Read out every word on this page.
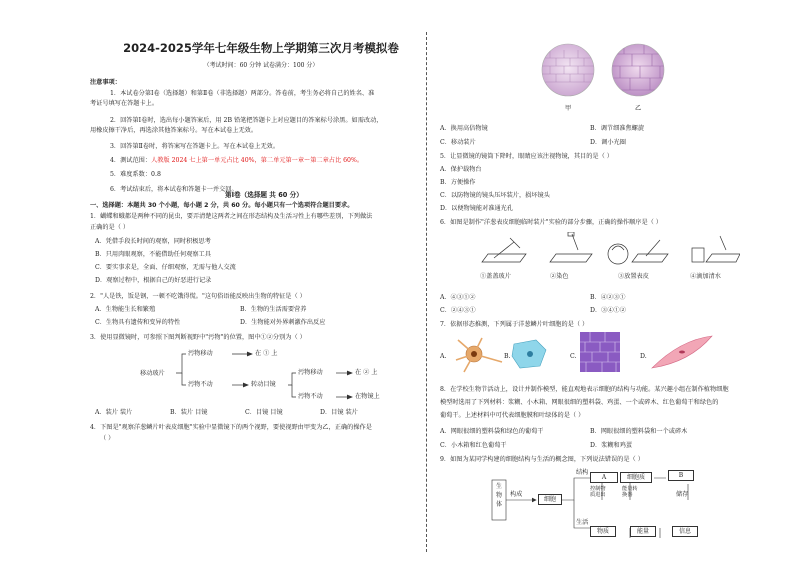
2024-2025学年七年级生物上学期第三次月考模拟卷
（考试时间：60 分钟 试卷满分：100 分）
注意事项：
1．本试卷分第Ⅰ卷（选择题）和第Ⅱ卷（非选择题）两部分。答卷前，考生务必将自己的姓名、准
考证号填写在答题卡上。
2．回答第Ⅰ卷时，选出每小题答案后，用 2B 铅笔把答题卡上对应题目的答案标号涂黑。如需改动，
用橡皮擦干净后，再选涂其他答案标号。写在本试卷上无效。
3．回答第Ⅱ卷时，将答案写在答题卡上。写在本试卷上无效。
4．测试范围：人教版 2024 七上第一单元占比 40%，第二单元第一章～第二章占比 60%。
5．难度系数：0.8
6．考试结束后，将本试卷和答题卡一并交回。
第Ⅰ卷（选择题 共 60 分）
一、选择题：本题共 30 个小题，每小题 2 分，共 60 分。每小题只有一个选项符合题目要求。
1．蝴蝶和蛾都是两种不同的昆虫，要弄清楚这两者之间在形态结构及生活习性上有哪些差别，下列做法
正确的是（ ）
A．凭借手段长时间的观察，同时积极思考
B．只用肉眼观察，不能借助任何观察工具
C．要实事求是，全面、仔细观察，无需与他人交流
D．观察过程中，根据自己的好恶进行记录
2．"人是铁，饭是钢，一顿不吃饿得慌。"这句俗语能反映出生物的特征是（ ）
A．生物能生长和繁殖	B．生物的生活需要营养
C．生物具有遗传和变异的特性	D．生物能对外界刺激作出反应
3．使用显微镜时，可参照下图判断视野中"污物"的位置，图中①②分别为（ ）
移动玻片
污物移动	在 ① 上
污物不动	转动目镜
污物移动	在 ② 上
污物不动	在物镜上
A．装片 装片	B．装片 目镜	C．目镜 目镜	D．目镜 装片
4．下图是"观察洋葱鳞片叶表皮细胞"实验中显微镜下的两个视野，要使视野由甲变为乙，正确的操作是
（ ）
甲	乙
A．换用高倍物镜	B．调节细准焦螺旋
C．移动装片	D．调小光圈
5．让显微镜的镜筒下降时，眼睛应该注视物镜，其目的是（ ）
A．保护载物台
B．方便操作
C．以防物镜的镜头压坏装片，损坏镜头
D．以便物镜能对准通光孔
6．如图是制作"洋葱表皮细胞临时装片"实验的部分步骤，正确的操作顺序是（ ）
①盖盖玻片	②染色	③放置表皮	④滴加清水
A．④③①②	B．④②③①
C．②④③①	D．③④①②
7．依据形态推测，下列属于洋葱鳞片叶细胞的是（ ）
A.	B.	C.	D.
8．在学校生物节活动上，设计并制作模型，能直观地表示细胞的结构与功能。某兴趣小组在制作植物细胞
模型时选用了下列材料：浆糊、小木箱、网眼很细的塑料袋、鸡蛋、一个或碎木、红色葡萄干和绿色的
葡萄干。上述材料中可代表细胞膜和叶绿体的是（ ）
A．网眼很细的塑料袋和绿色的葡萄干	B．网眼很细的塑料袋和一个或碎木
C．小木箱和红色葡萄干	D．浆糊和鸡蛋
9．如图为某同学构建的细胞结构与生活的概念图，下列说法错误的是（ ）
生物体
构成
细胞
结构
A	细胞质	B
控制物质进出
能量转换器	储存
生活
物质	能量	信息
